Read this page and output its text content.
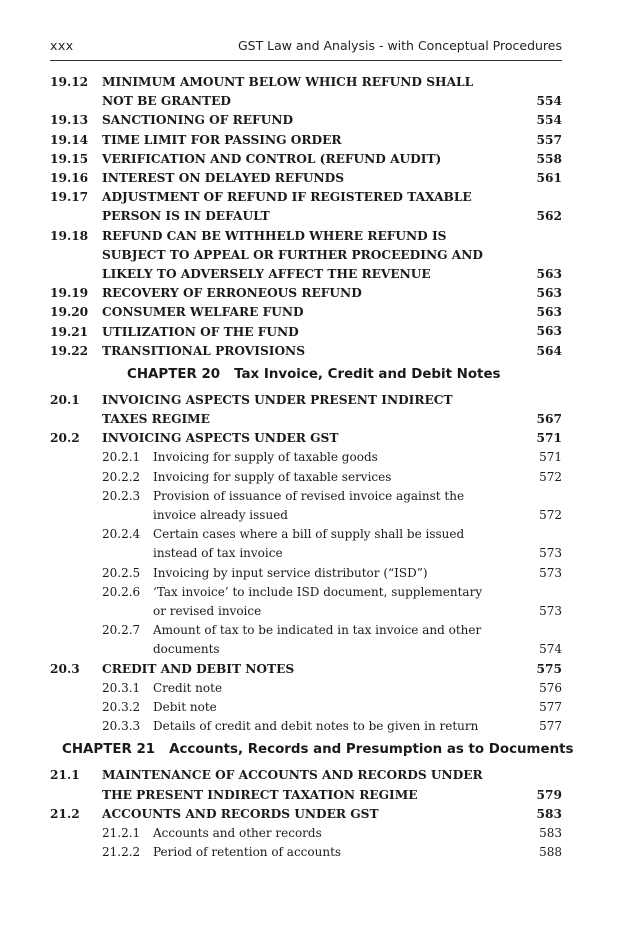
xxx	GST Law and Analysis - with Conceptual Procedures
19.12 MINIMUM AMOUNT BELOW WHICH REFUND SHALL NOT BE GRANTED	554
19.13 SANCTIONING OF REFUND	554
19.14 TIME LIMIT FOR PASSING ORDER	557
19.15 VERIFICATION AND CONTROL (REFUND AUDIT)	558
19.16 INTEREST ON DELAYED REFUNDS	561
19.17 ADJUSTMENT OF REFUND IF REGISTERED TAXABLE PERSON IS IN DEFAULT	562
19.18 REFUND CAN BE WITHHELD WHERE REFUND IS SUBJECT TO APPEAL OR FURTHER PROCEEDING AND LIKELY TO ADVERSELY AFFECT THE REVENUE	563
19.19 RECOVERY OF ERRONEOUS REFUND	563
19.20 CONSUMER WELFARE FUND	563
19.21 UTILIZATION OF THE FUND	563
19.22 TRANSITIONAL PROVISIONS	564
CHAPTER 20 Tax Invoice, Credit and Debit Notes
20.1 INVOICING ASPECTS UNDER PRESENT INDIRECT TAXES REGIME	567
20.2 INVOICING ASPECTS UNDER GST	571
20.2.1 Invoicing for supply of taxable goods	571
20.2.2 Invoicing for supply of taxable services	572
20.2.3 Provision of issuance of revised invoice against the invoice already issued	572
20.2.4 Certain cases where a bill of supply shall be issued instead of tax invoice	573
20.2.5 Invoicing by input service distributor (“ISD”)	573
20.2.6 ‘Tax invoice’ to include ISD document, supplementary or revised invoice	573
20.2.7 Amount of tax to be indicated in tax invoice and other documents	574
20.3 CREDIT AND DEBIT NOTES	575
20.3.1 Credit note	576
20.3.2 Debit note	577
20.3.3 Details of credit and debit notes to be given in return	577
CHAPTER 21 Accounts, Records and Presumption as to Documents
21.1 MAINTENANCE OF ACCOUNTS AND RECORDS UNDER THE PRESENT INDIRECT TAXATION REGIME	579
21.2 ACCOUNTS AND RECORDS UNDER GST	583
21.2.1 Accounts and other records	583
21.2.2 Period of retention of accounts	588
